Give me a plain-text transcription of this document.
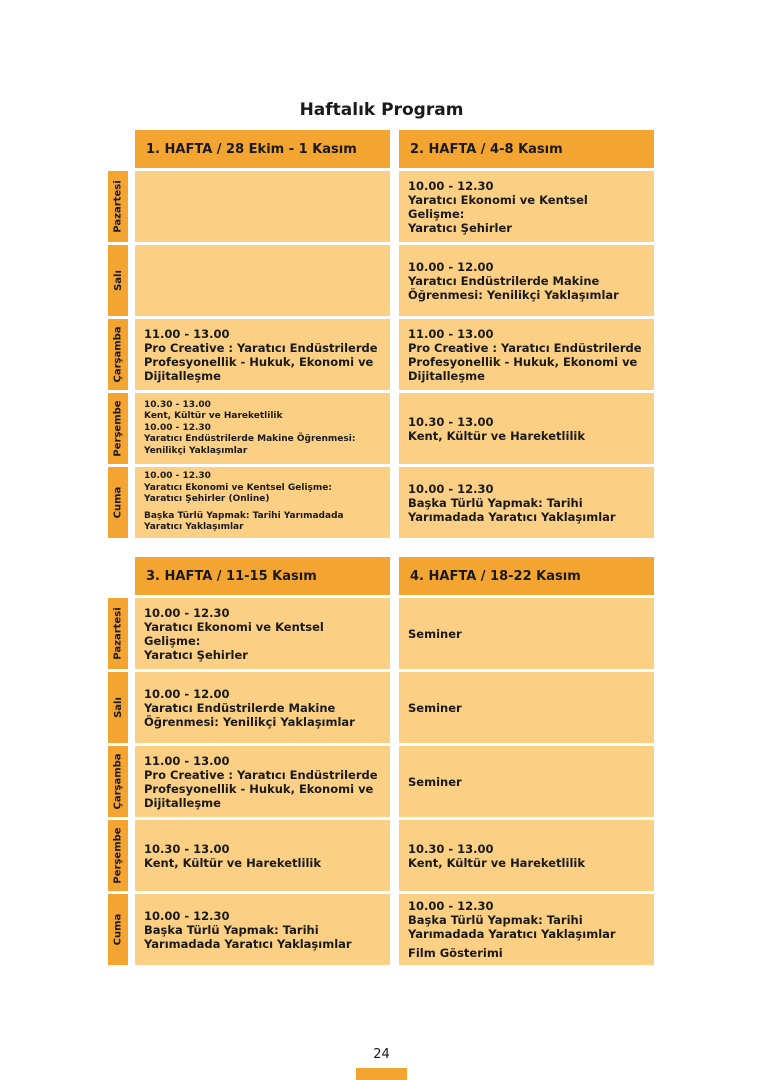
Haftalık Program
1. HAFTA / 28 Ekim - 1 Kasım
11.00 - 13.00
Pro Creative : Yaratıcı Endüstrilerde
Profesyonellik - Hukuk, Ekonomi ve
Dijitalleşme
10.30 - 13.00
Kent, Kültür ve Hareketlilik
10.00 - 12.30
Yaratıcı Endüstrilerde Makine Öğrenmesi:
Yenilikçi Yaklaşımlar
10.00 - 12.30
Yaratıcı Ekonomi ve Kentsel Gelişme:
Yaratıcı Şehirler (Online)
Başka Türlü Yapmak: Tarihi Yarımadada
Yaratıcı Yaklaşımlar
2. HAFTA / 4-8 Kasım
10.00 - 12.30
Yaratıcı Ekonomi ve Kentsel Gelişme:
Yaratıcı Şehirler
10.00 - 12.00
Yaratıcı Endüstrilerde Makine
Öğrenmesi: Yenilikçi Yaklaşımlar
11.00 - 13.00
Pro Creative : Yaratıcı Endüstrilerde
Profesyonellik - Hukuk, Ekonomi ve
Dijitalleşme
10.30 - 13.00
Kent, Kültür ve Hareketlilik
10.00 - 12.30
Başka Türlü Yapmak: Tarihi
Yarımadada Yaratıcı Yaklaşımlar
Pazartesi
Salı
Çarşamba
Perşembe
Cuma
3. HAFTA / 11-15 Kasım
10.00 - 12.30
Yaratıcı Ekonomi ve Kentsel Gelişme:
Yaratıcı Şehirler
10.00 - 12.00
Yaratıcı Endüstrilerde Makine
Öğrenmesi: Yenilikçi Yaklaşımlar
11.00 - 13.00
Pro Creative : Yaratıcı Endüstrilerde
Profesyonellik - Hukuk, Ekonomi ve
Dijitalleşme
10.30 - 13.00
Kent, Kültür ve Hareketlilik
10.00 - 12.30
Başka Türlü Yapmak: Tarihi
Yarımadada Yaratıcı Yaklaşımlar
4. HAFTA / 18-22 Kasım
Seminer
Seminer
Seminer
10.30 - 13.00
Kent, Kültür ve Hareketlilik
10.00 - 12.30
Başka Türlü Yapmak: Tarihi
Yarımadada Yaratıcı Yaklaşımlar
Film Gösterimi
Pazartesi
Salı
Çarşamba
Perşembe
Cuma
24
